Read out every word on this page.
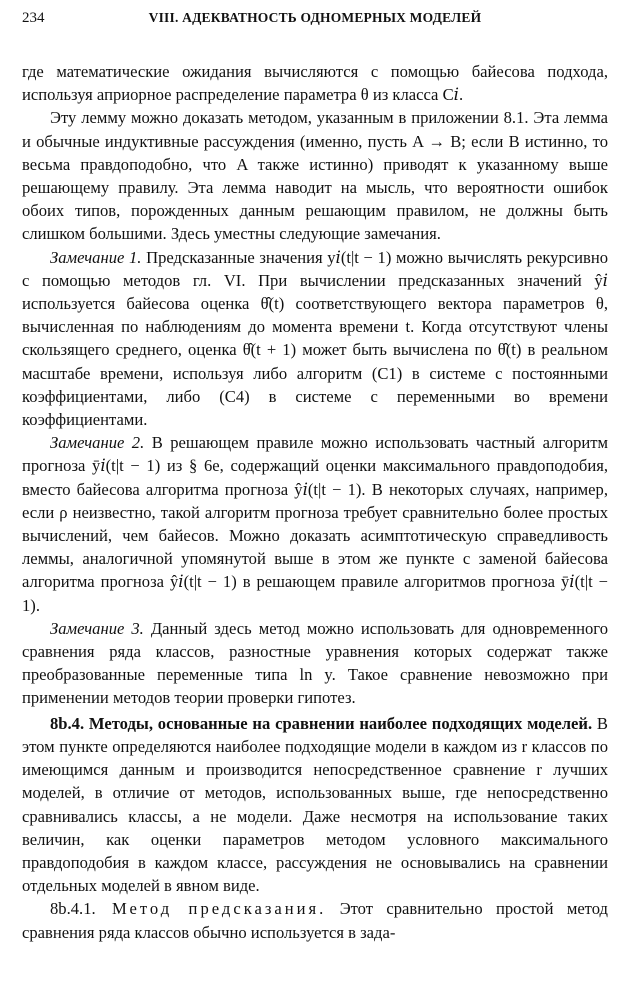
234	VIII. АДЕКВАТНОСТЬ ОДНОМЕРНЫХ МОДЕЛЕЙ

где математические ожидания вычисляются с помощью байесова подхода, используя априорное распределение параметра θ из класса C𝑖.

Эту лемму можно доказать методом, указанным в приложении 8.1. Эта лемма и обычные индуктивные рассуждения (именно, пусть A → B; если B истинно, то весьма правдоподобно, что A также истинно) приводят к указанному выше решающему правилу. Эта лемма наводит на мысль, что вероятности ошибок обоих типов, порожденных данным решающим правилом, не должны быть слишком большими. Здесь уместны следующие замечания.

Замечание 1. Предсказанные значения y𝑖(t|t − 1) можно вычислять рекурсивно с помощью методов гл. VI. При вычислении предсказанных значений ŷ𝑖 используется байесова оценка θ̂(t) соответствующего вектора параметров θ, вычисленная по наблюдениям до момента времени t. Когда отсутствуют члены скользящего среднего, оценка θ̂(t + 1) может быть вычислена по θ̂(t) в реальном масштабе времени, используя либо алгоритм (C1) в системе с постоянными коэффициентами, либо (C4) в системе с переменными во времени коэффициентами.

Замечание 2. В решающем правиле можно использовать частный алгоритм прогноза ȳ𝑖(t|t − 1) из § 6е, содержащий оценки максимального правдоподобия, вместо байесова алгоритма прогноза ŷ𝑖(t|t − 1). В некоторых случаях, например, если ρ неизвестно, такой алгоритм прогноза требует сравнительно более простых вычислений, чем байесов. Можно доказать асимптотическую справедливость леммы, аналогичной упомянутой выше в этом же пункте с заменой байесова алгоритма прогноза ŷ𝑖(t|t − 1) в решающем правиле алгоритмов прогноза ȳ𝑖(t|t − 1).

Замечание 3. Данный здесь метод можно использовать для одновременного сравнения ряда классов, разностные уравнения которых содержат также преобразованные переменные типа ln y. Такое сравнение невозможно при применении методов теории проверки гипотез.

8b.4. Методы, основанные на сравнении наиболее подходящих моделей. В этом пункте определяются наиболее подходящие модели в каждом из r классов по имеющимся данным и производится непосредственное сравнение r лучших моделей, в отличие от методов, использованных выше, где непосредственно сравнивались классы, а не модели. Даже несмотря на использование таких величин, как оценки параметров методом условного максимального правдоподобия в каждом классе, рассуждения не основывались на сравнении отдельных моделей в явном виде.

8b.4.1. Метод предсказания. Этот сравнительно простой метод сравнения ряда классов обычно используется в зада-
